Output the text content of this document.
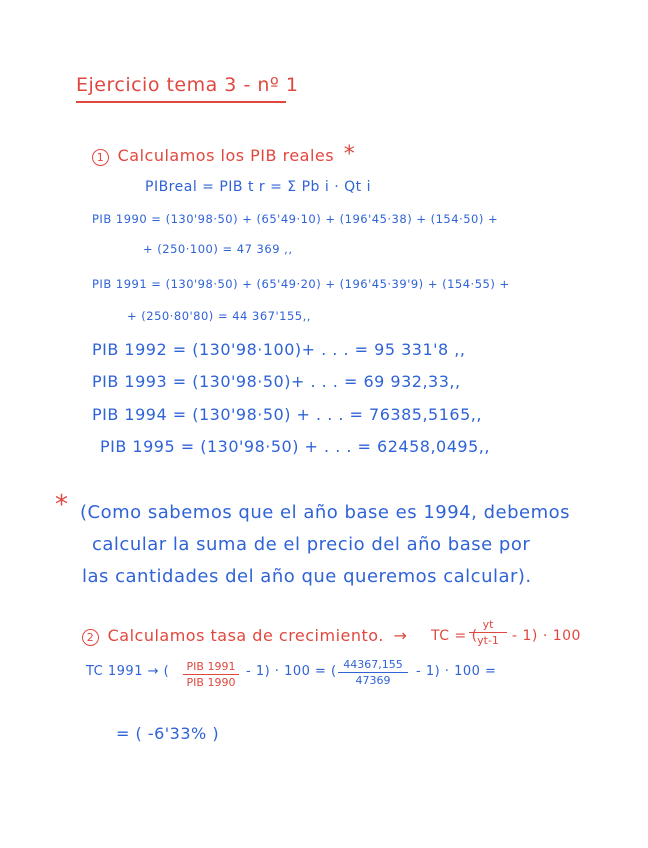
Ejercicio tema 3 - nº 1
1 Calculamos los PIB reales *
PIBreal = PIB t r = Σ Pb i · Qt i
PIB 1990 = (130'98·50) + (65'49·10) + (196'45·38) + (154·50) +
+ (250·100) = 47 369 ,,
PIB 1991 = (130'98·50) + (65'49·20) + (196'45·39'9) + (154·55) +
+ (250·80'80) = 44 367'155,,
PIB 1992 = (130'98·100)+ . . . = 95 331'8 ,,
PIB 1993 = (130'98·50)+ . . . = 69 932,33,,
PIB 1994 = (130'98·50) + . . . = 76385,5165,,
PIB 1995 = (130'98·50) + . . . = 62458,0495,,
* (Como sabemos que el año base es 1994, debemos
calcular la suma de el precio del año base por
las cantidades del año que queremos calcular).
2 Calculamos tasa de crecimiento. → TC = (
yt
yt-1 - 1) · 100
TC 1991 → ( PIB 1991
PIB 1990
- 1) · 100 = ( 44367,155
47369
- 1) · 100 =
= ( -6'33% )
